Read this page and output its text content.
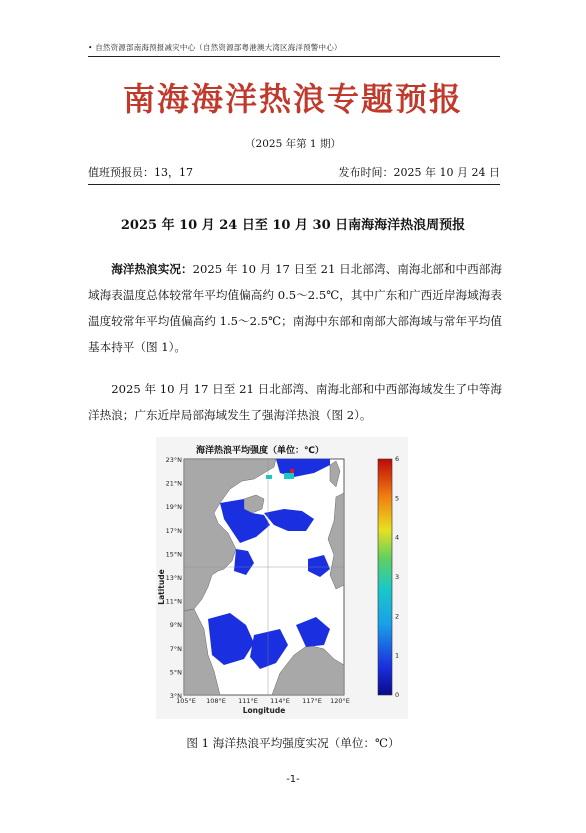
• 自然资源部南海预报减灾中心（自然资源部粤港澳大湾区海洋预警中心）
南海海洋热浪专题预报
（2025 年第 1 期）
值班预报员：13，17	发布时间：2025 年 10 月 24 日
2025 年 10 月 24 日至 10 月 30 日南海海洋热浪周预报
海洋热浪实况：2025 年 10 月 17 日至 21 日北部湾、南海北部和中西部海域海表温度总体较常年平均值偏高约 0.5～2.5℃，其中广东和广西近岸海域海表温度较常年平均值偏高约 1.5～2.5℃；南海中东部和南部大部海域与常年平均值基本持平（图 1）。
2025 年 10 月 17 日至 21 日北部湾、南海北部和中西部海域发生了中等海洋热浪；广东近岸局部海域发生了强海洋热浪（图 2）。
23°N
21°N
19°N
17°N
15°N
13°N
11°N
9°N
7°N
5°N
3°N
105°E 108°E 111°E 114°E 117°E 120°E
Longitude
Latitude
0
1
2
3
4
5
6
海洋热浪平均强度（单位：℃）
图 1 海洋热浪平均强度实况（单位：℃）
-1-
